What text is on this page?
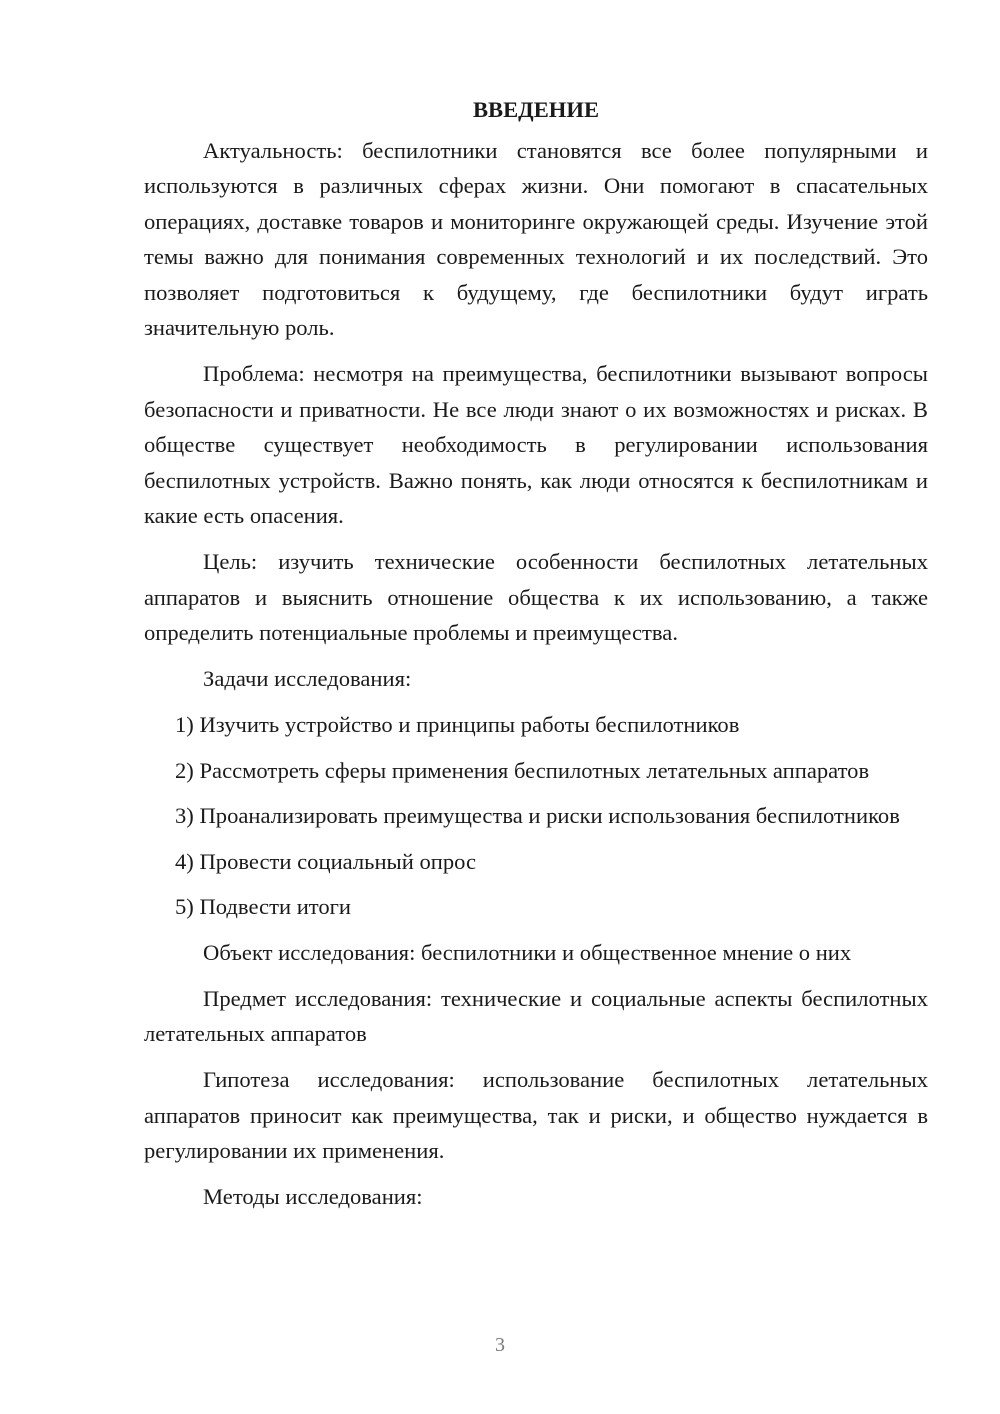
ВВЕДЕНИЕ

Актуальность: беспилотники становятся все более популярными и используются в различных сферах жизни. Они помогают в спасательных операциях, доставке товаров и мониторинге окружающей среды. Изучение этой темы важно для понимания современных технологий и их последствий. Это позволяет подготовиться к будущему, где беспилотники будут играть значительную роль.

Проблема: несмотря на преимущества, беспилотники вызывают вопросы безопасности и приватности. Не все люди знают о их возможностях и рисках. В обществе существует необходимость в регулировании использования беспилотных устройств. Важно понять, как люди относятся к беспилотникам и какие есть опасения.

Цель: изучить технические особенности беспилотных летательных аппаратов и выяснить отношение общества к их использованию, а также определить потенциальные проблемы и преимущества.

Задачи исследования:

1) Изучить устройство и принципы работы беспилотников
2) Рассмотреть сферы применения беспилотных летательных аппаратов
3) Проанализировать преимущества и риски использования беспилотников
4) Провести социальный опрос
5) Подвести итоги

Объект исследования: беспилотники и общественное мнение о них

Предмет исследования: технические и социальные аспекты беспилотных летательных аппаратов

Гипотеза исследования: использование беспилотных летательных аппаратов приносит как преимущества, так и риски, и общество нуждается в регулировании их применения.

Методы исследования:

3
